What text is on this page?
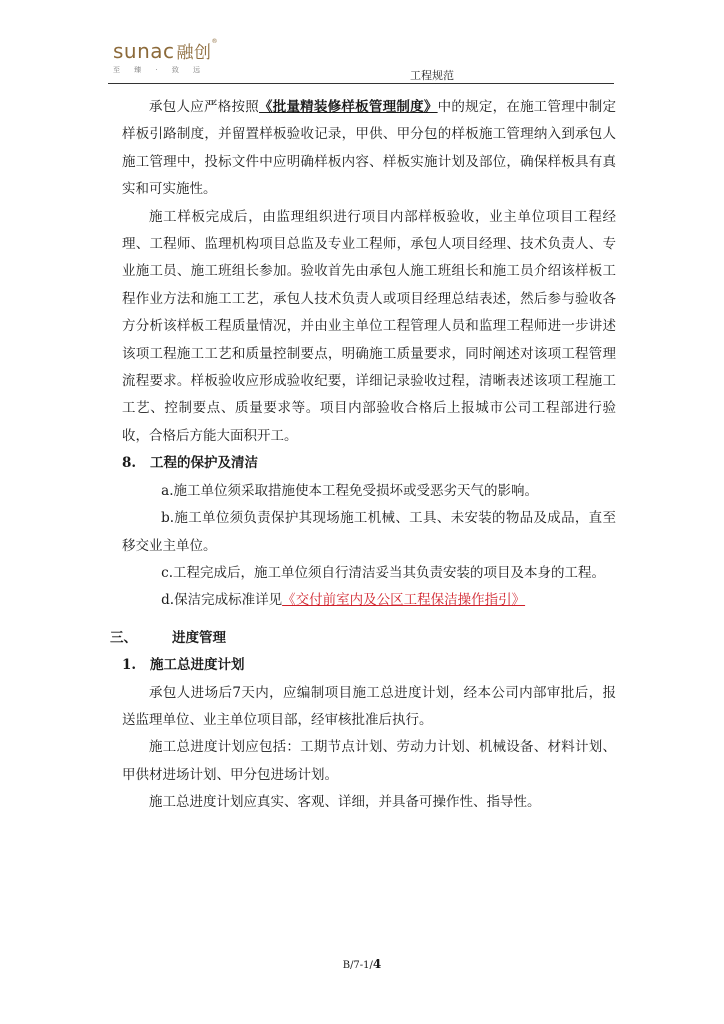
sunac 融创®
至 臻 · 致 远	工程规范

承包人应严格按照《批量精装修样板管理制度》中的规定，在施工管理中制定样板引路制度，并留置样板验收记录，甲供、甲分包的样板施工管理纳入到承包人施工管理中，投标文件中应明确样板内容、样板实施计划及部位，确保样板具有真实和可实施性。

施工样板完成后，由监理组织进行项目内部样板验收，业主单位项目工程经理、工程师、监理机构项目总监及专业工程师，承包人项目经理、技术负责人、专业施工员、施工班组长参加。验收首先由承包人施工班组长和施工员介绍该样板工程作业方法和施工工艺，承包人技术负责人或项目经理总结表述，然后参与验收各方分析该样板工程质量情况，并由业主单位工程管理人员和监理工程师进一步讲述该项工程施工工艺和质量控制要点，明确施工质量要求，同时阐述对该项工程管理流程要求。样板验收应形成验收纪要，详细记录验收过程，清晰表述该项工程施工工艺、控制要点、质量要求等。项目内部验收合格后上报城市公司工程部进行验收，合格后方能大面积开工。

8. 工程的保护及清洁

a.施工单位须采取措施使本工程免受损坏或受恶劣天气的影响。

b.施工单位须负责保护其现场施工机械、工具、未安装的物品及成品，直至移交业主单位。

c.工程完成后，施工单位须自行清洁妥当其负责安装的项目及本身的工程。

d.保洁完成标准详见《交付前室内及公区工程保洁操作指引》

三、	进度管理

1. 施工总进度计划

承包人进场后7天内，应编制项目施工总进度计划，经本公司内部审批后，报送监理单位、业主单位项目部，经审核批准后执行。

施工总进度计划应包括：工期节点计划、劳动力计划、机械设备、材料计划、甲供材进场计划、甲分包进场计划。

施工总进度计划应真实、客观、详细，并具备可操作性、指导性。

B/7-1/4
